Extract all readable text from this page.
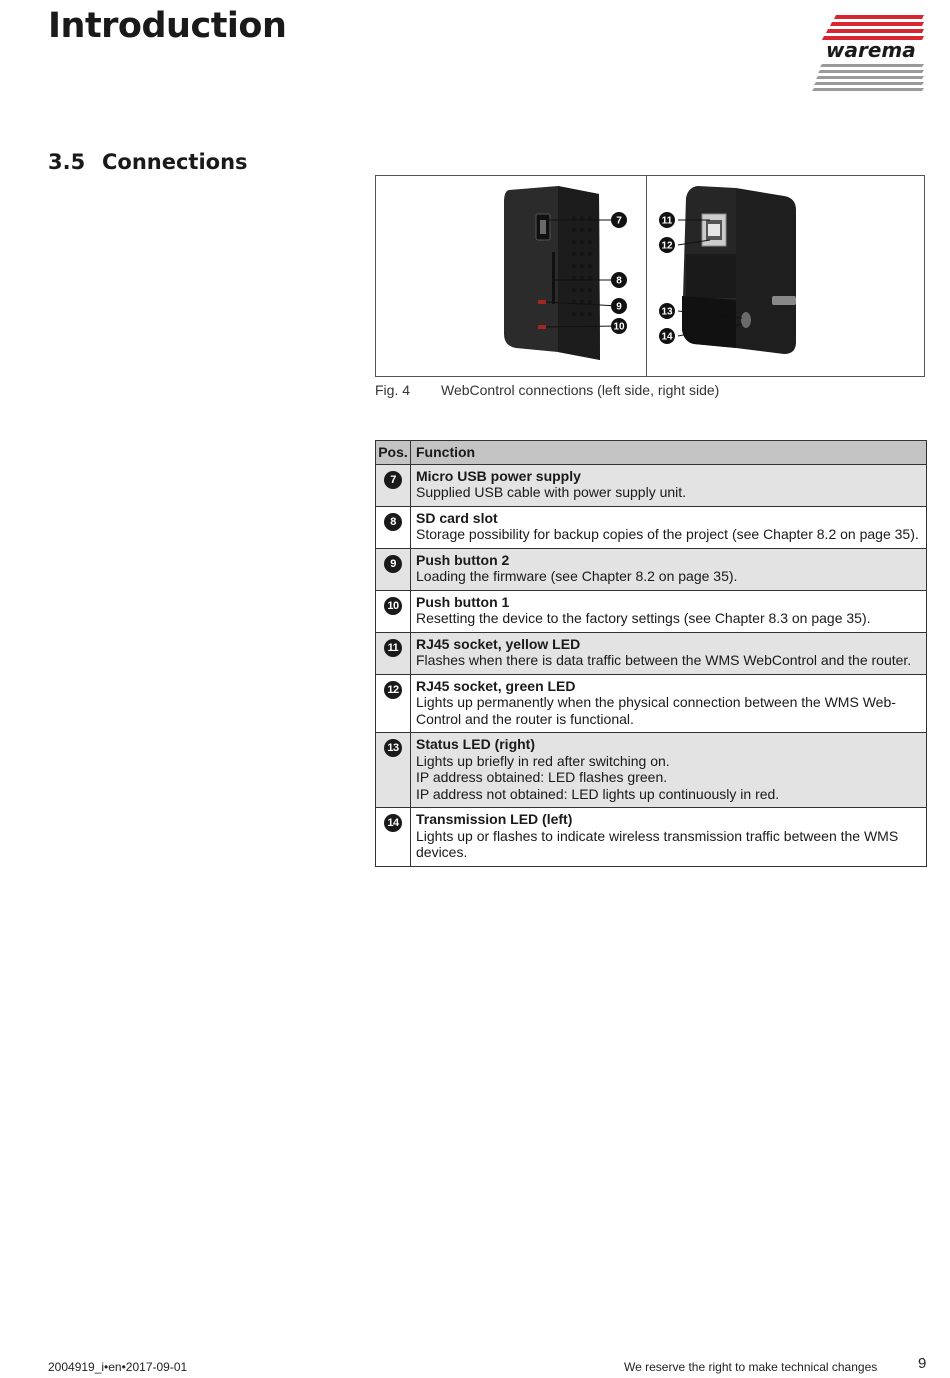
Introduction
warema
3.5 Connections
7
8
9
10
11
12
13
14
Fig. 4 WebControl connections (left side, right side)
Pos.	Function
7	Micro USB power supply
Supplied USB cable with power supply unit.

8	SD card slot
Storage possibility for backup copies of the project (see Chapter 8.2 on page 35).

9	Push button 2
Loading the firmware (see Chapter 8.2 on page 35).

10	Push button 1
Resetting the device to the factory settings (see Chapter 8.3 on page 35).

11	RJ45 socket, yellow LED
Flashes when there is data traffic between the WMS WebControl and the router.

12	RJ45 socket, green LED
Lights up permanently when the physical connection between the WMS Web-Control and the router is functional.

13	Status LED (right)
Lights up briefly in red after switching on.
IP address obtained: LED flashes green.
IP address not obtained: LED lights up continuously in red.

14	Transmission LED (left)
Lights up or flashes to indicate wireless transmission traffic between the WMS devices.
2004919_i•en•2017-09-01	We reserve the right to make technical changes	9
